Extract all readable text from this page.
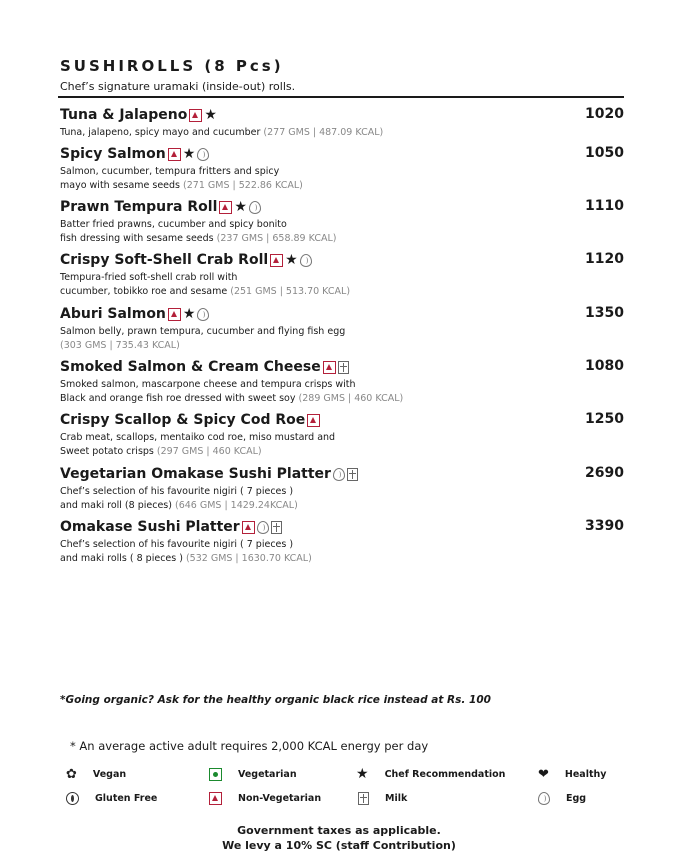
SUSHIROLLS (8 Pcs)
Chef’s signature uramaki (inside-out) rolls.
Tuna & Jalapeno ★	1020
Tuna, jalapeno, spicy mayo and cucumber (277 GMS | 487.09 KCAL)
Spicy Salmon ★	1050
Salmon, cucumber, tempura fritters and spicy
mayo with sesame seeds (271 GMS | 522.86 KCAL)
Prawn Tempura Roll ★	1110
Batter fried prawns, cucumber and spicy bonito
fish dressing with sesame seeds (237 GMS | 658.89 KCAL)
Crispy Soft-Shell Crab Roll ★	1120
Tempura-fried soft-shell crab roll with
cucumber, tobikko roe and sesame (251 GMS | 513.70 KCAL)
Aburi Salmon ★	1350
Salmon belly, prawn tempura, cucumber and flying fish egg
(303 GMS | 735.43 KCAL)
Smoked Salmon & Cream Cheese	1080
Smoked salmon, mascarpone cheese and tempura crisps with
Black and orange fish roe dressed with sweet soy (289 GMS | 460 KCAL)
Crispy Scallop & Spicy Cod Roe	1250
Crab meat, scallops, mentaiko cod roe, miso mustard and
Sweet potato crisps (297 GMS | 460 KCAL)
Vegetarian Omakase Sushi Platter	2690
Chef’s selection of his favourite nigiri ( 7 pieces )
and maki roll (8 pieces) (646 GMS | 1429.24KCAL)
Omakase Sushi Platter	3390
Chef’s selection of his favourite nigiri ( 7 pieces )
and maki rolls ( 8 pieces ) (532 GMS | 1630.70 KCAL)
*Going organic? Ask for the healthy organic black rice instead at Rs. 100
* An average active adult requires 2,000 KCAL energy per day
✿ Vegan	Vegetarian	★ Chef Recommendation	❤ Healthy
Gluten Free	Non-Vegetarian	Milk	Egg
Government taxes as applicable.
We levy a 10% SC (staff Contribution)
